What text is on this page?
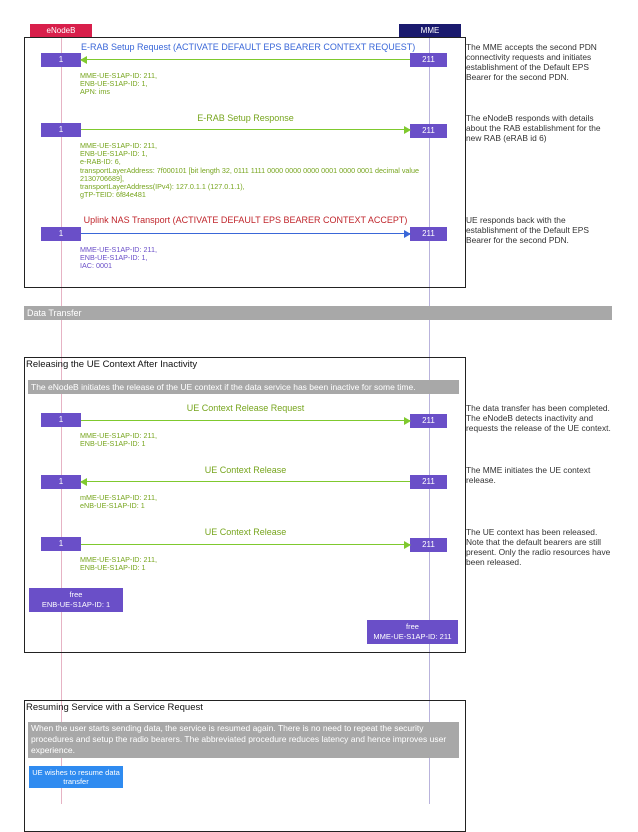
eNodeB	MME
E-RAB Setup Request (ACTIVATE DEFAULT EPS BEARER CONTEXT REQUEST)
1	211
MME-UE-S1AP-ID: 211,
ENB-UE-S1AP-ID: 1,
APN: ims
The MME accepts the second PDN connectivity requests and initiates establishment of the Default EPS Bearer for the second PDN.
E-RAB Setup Response
1	211
MME-UE-S1AP-ID: 211,
ENB-UE-S1AP-ID: 1,
e-RAB-ID: 6,
transportLayerAddress: 7f000101 [bit length 32, 0111 1111 0000 0000 0000 0001 0000 0001 decimal value
2130706689],
transportLayerAddress(IPv4): 127.0.1.1 (127.0.1.1),
gTP-TEID: 6f84e481
The eNodeB responds with details about the RAB establishment for the new RAB (eRAB id 6)
Uplink NAS Transport (ACTIVATE DEFAULT EPS BEARER CONTEXT ACCEPT)
1	211
MME-UE-S1AP-ID: 211,
ENB-UE-S1AP-ID: 1,
IAC: 0001
UE responds back with the establishment of the Default EPS Bearer for the second PDN.
Data Transfer
Releasing the UE Context After Inactivity
The eNodeB initiates the release of the UE context if the data service has been inactive for some time.
UE Context Release Request
1	211
MME-UE-S1AP-ID: 211,
ENB-UE-S1AP-ID: 1
The data transfer has been completed. The eNodeB detects inactivity and requests the release of the UE context.
UE Context Release
1	211
mME-UE-S1AP-ID: 211,
eNB-UE-S1AP-ID: 1
The MME initiates the UE context release.
UE Context Release
1	211
MME-UE-S1AP-ID: 211,
ENB-UE-S1AP-ID: 1
The UE context has been released. Note that the default bearers are still present. Only the radio resources have been released.
free
ENB-UE-S1AP-ID: 1
free
MME-UE-S1AP-ID: 211
Resuming Service with a Service Request
When the user starts sending data, the service is resumed again. There is no need to repeat the security procedures and setup the radio bearers. The abbreviated procedure reduces latency and hence improves user experience.
UE wishes to resume data transfer
